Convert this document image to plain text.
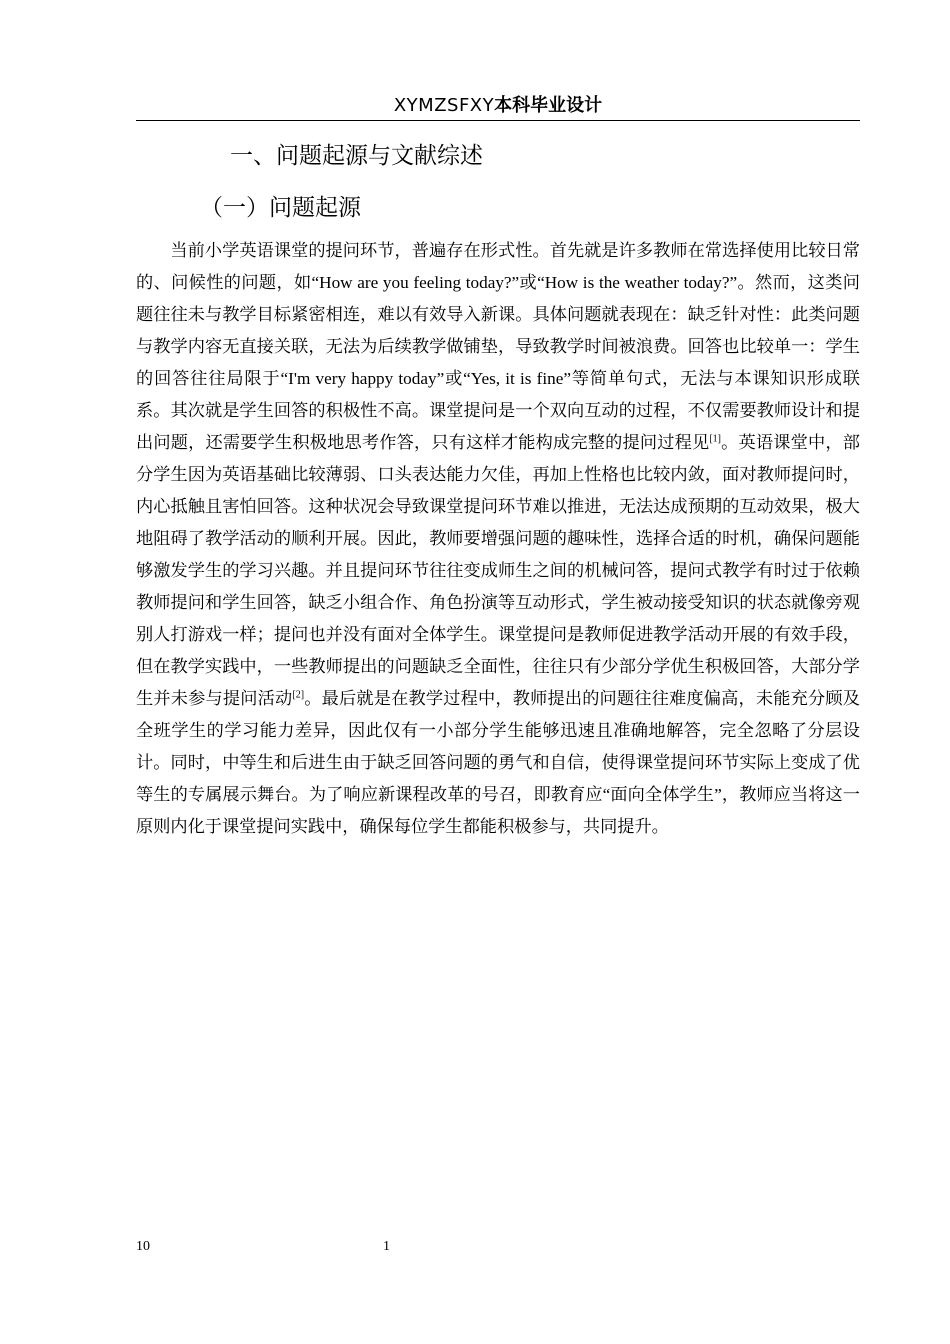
XYMZSFXY本科毕业设计
一、问题起源与文献综述
（一）问题起源

当前小学英语课堂的提问环节，普遍存在形式性。首先就是许多教师在常选择使用比较日常的、问候性的问题，如“How are you feeling today?”或“How is the weather today?”。然而，这类问题往往未与教学目标紧密相连，难以有效导入新课。具体问题就表现在：缺乏针对性：此类问题与教学内容无直接关联，无法为后续教学做铺垫，导致教学时间被浪费。回答也比较单一：学生的回答往往局限于“I'm very happy today”或“Yes, it is fine”等简单句式，无法与本课知识形成联系。其次就是学生回答的积极性不高。课堂提问是一个双向互动的过程，不仅需要教师设计和提出问题，还需要学生积极地思考作答，只有这样才能构成完整的提问过程见[1]。英语课堂中，部分学生因为英语基础比较薄弱、口头表达能力欠佳，再加上性格也比较内敛，面对教师提问时，内心抵触且害怕回答。这种状况会导致课堂提问环节难以推进，无法达成预期的互动效果，极大地阻碍了教学活动的顺利开展。因此，教师要增强问题的趣味性，选择合适的时机，确保问题能够激发学生的学习兴趣。并且提问环节往往变成师生之间的机械问答，提问式教学有时过于依赖教师提问和学生回答，缺乏小组合作、角色扮演等互动形式，学生被动接受知识的状态就像旁观别人打游戏一样；提问也并没有面对全体学生。课堂提问是教师促进教学活动开展的有效手段，但在教学实践中，一些教师提出的问题缺乏全面性，往往只有少部分学优生积极回答，大部分学生并未参与提问活动[2]。最后就是在教学过程中，教师提出的问题往往难度偏高，未能充分顾及全班学生的学习能力差异，因此仅有一小部分学生能够迅速且准确地解答，完全忽略了分层设计。同时，中等生和后进生由于缺乏回答问题的勇气和自信，使得课堂提问环节实际上变成了优等生的专属展示舞台。为了响应新课程改革的号召，即教育应“面向全体学生”，教师应当将这一原则内化于课堂提问实践中，确保每位学生都能积极参与，共同提升。

10	1
